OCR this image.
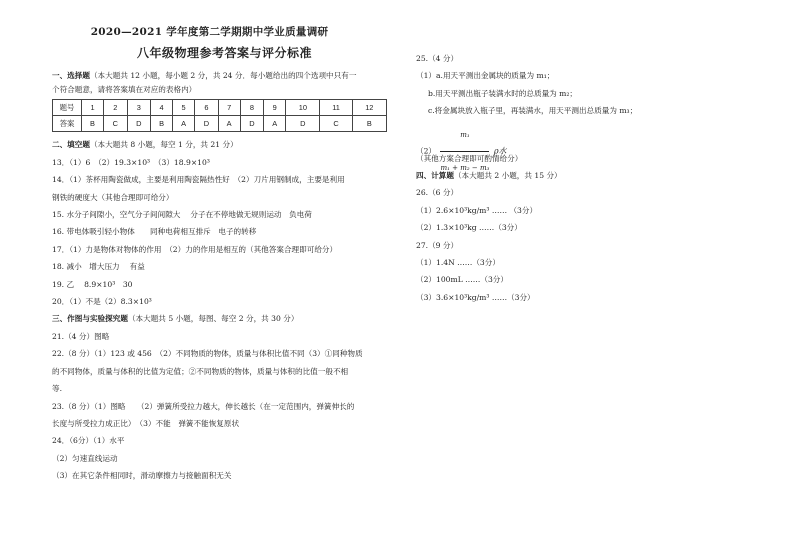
2020—2021 学年度第二学期期中学业质量调研
八年级物理参考答案与评分标准
一、选择题（本大题共 12 小题，每小题 2 分，共 24 分．每小题给出的四个选项中只有一
个符合题意，请将答案填在对应的表格内）
题号	1	2	3	4	5	6	7	8	9	10	11	12
答案	B	C	D	B	A	D	A	D	A	D	C	B
二、填空题（本大题共 8 小题，每空 1 分，共 21 分）
13．（1）6　（2）19.3×10³　（3）18.9×10³
14．（1）茶杯用陶瓷做成，主要是利用陶瓷隔热性好　（2）刀片用钢制成，主要是利用
钢铁的硬度大（其他合理即可给分）
15. 水分子间隙小，空气分子间间隙大　 分子在不停地做无规则运动　负电荷
16. 带电体吸引轻小物体　　同种电荷相互排斥　电子的转移
17．（1）力是物体对物体的作用　（2）力的作用是相互的（其他答案合理即可给分）
18. 减小　增大压力　 有益
19. 乙　 8.9×10³　30
20．（1）不是（2）8.3×10³
三、作图与实验探究题（本大题共 5 小题，每图、每空 2 分，共 30 分）
21.（4 分）图略
22.（8 分）（1）123 或 456　（2）不同物质的物体，质量与体积比值不同（3）①同种物质
的不同物体，质量与体积的比值为定值；②不同物质的物体，质量与体积的比值一般不相
等.
23.（8 分）（1）图略　　（2）弹簧所受拉力越大，伸长越长（在一定范围内，弹簧伸长的
长度与所受拉力成正比）　（3）不能　弹簧不能恢复原状
24．（6分）（1）水平
（2）匀速直线运动
（3）在其它条件相同时，滑动摩擦力与接触面积无关
25.（4 分）
（1）a.用天平测出金属块的质量为 m₁；
b.用天平测出瓶子装满水时的总质量为 m₂；
c.将金属块放入瓶子里，再装满水，用天平测出总质量为 m₃；
$(2) \frac{\text{m₁}}{\text{m₁ + m₂ − m₃}}$ ρ水
（其他方案合理即可酌情给分）
四、计算题（本大题共 2 小题，共 15 分）
26.（6 分）
（1）2.6×10³kg/m³ …… （3分）
（2）1.3×10³kg ……（3分）
27.（9 分）
（1）1.4N ……（3分）
（2）100mL ……（3分）
（3）3.6×10³kg/m³ ……（3分）
